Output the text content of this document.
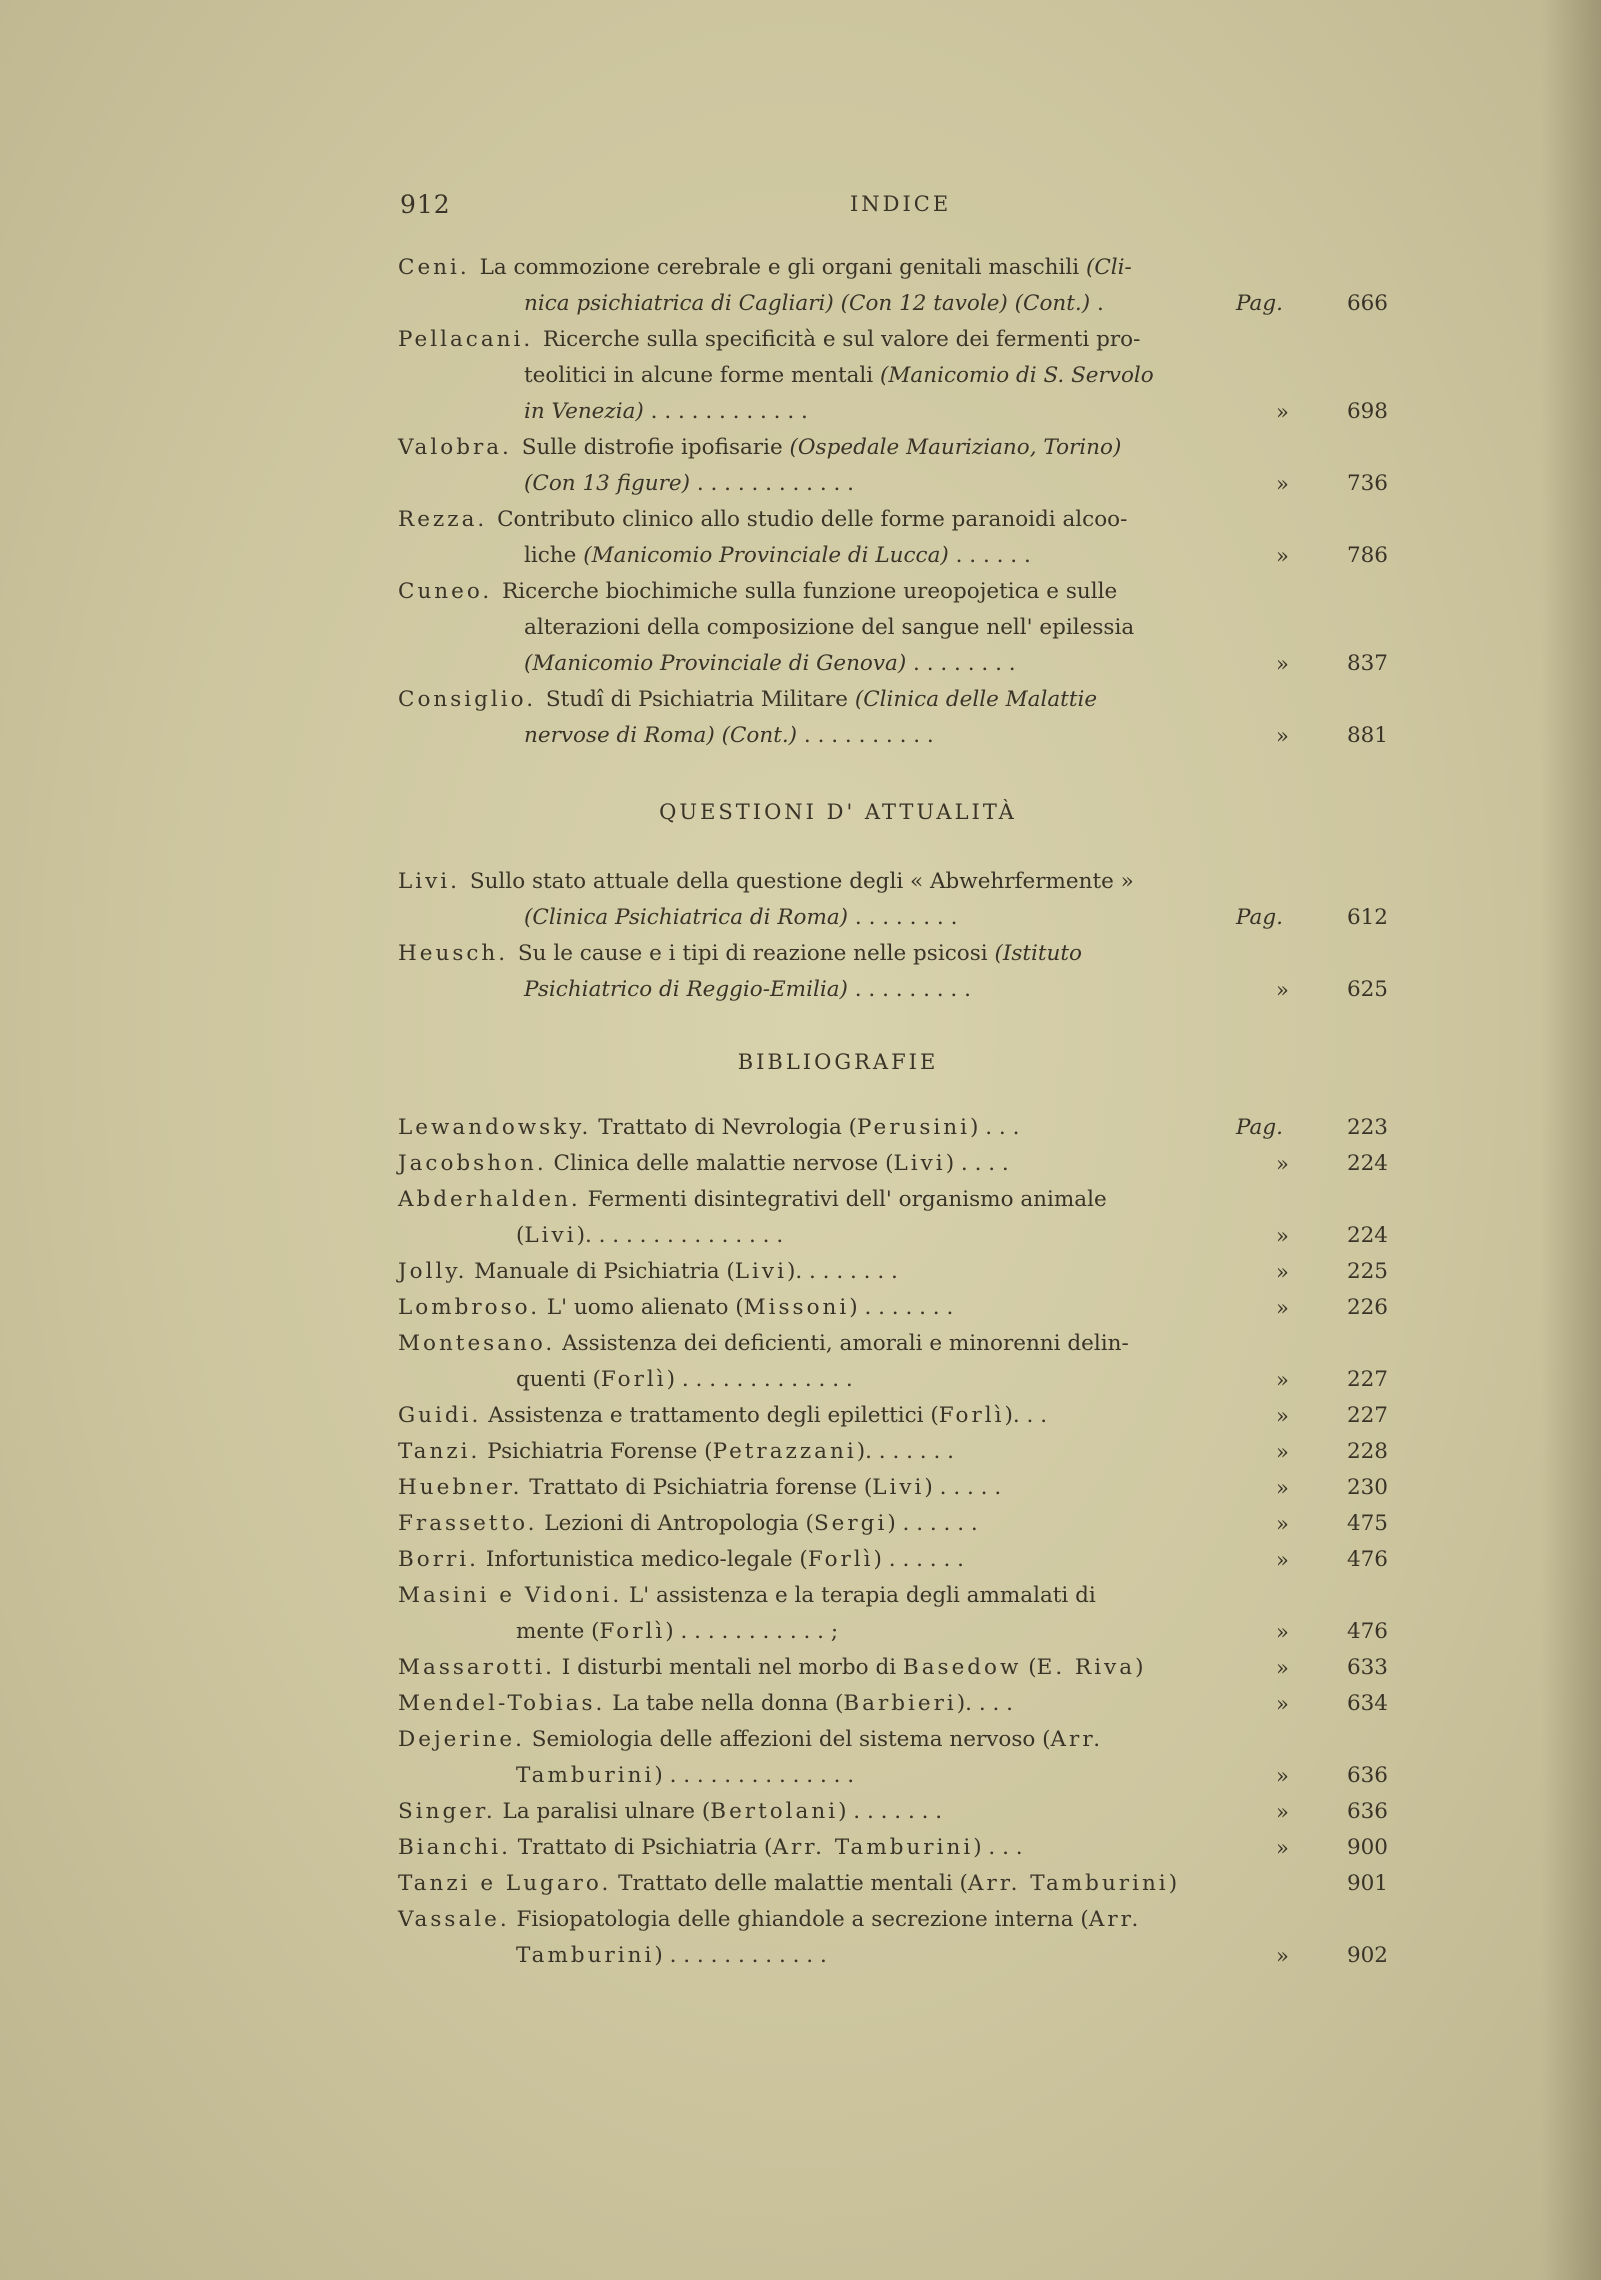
912	INDICE
Ceni. La commozione cerebrale e gli organi genitali maschili (Cli-
nica psichiatrica di Cagliari) (Con 12 tavole) (Cont.) .	Pag.	666
Pellacani. Ricerche sulla specificità e sul valore dei fermenti pro-
teolitici in alcune forme mentali (Manicomio di S. Servolo
in Venezia) . . . . . . . . . . . .	»	698
Valobra. Sulle distrofie ipofisarie (Ospedale Mauriziano, Torino)
(Con 13 figure) . . . . . . . . . . . .	»	736
Rezza. Contributo clinico allo studio delle forme paranoidi alcoo-
liche (Manicomio Provinciale di Lucca) . . . . . .	»	786
Cuneo. Ricerche biochimiche sulla funzione ureopojetica e sulle
alterazioni della composizione del sangue nell' epilessia
(Manicomio Provinciale di Genova) . . . . . . . .	»	837
Consiglio. Studî di Psichiatria Militare (Clinica delle Malattie
nervose di Roma) (Cont.) . . . . . . . . . .	»	881
QUESTIONI D' ATTUALITÀ
Livi. Sullo stato attuale della questione degli « Abwehrfermente »
(Clinica Psichiatrica di Roma) . . . . . . . .	Pag.	612
Heusch. Su le cause e i tipi di reazione nelle psicosi (Istituto
Psichiatrico di Reggio-Emilia) . . . . . . . . .	»	625
BIBLIOGRAFIE
Lewandowsky. Trattato di Nevrologia (Perusini) . . .	Pag.	223
Jacobshon. Clinica delle malattie nervose (Livi) . . . .	»	224
Abderhalden. Fermenti disintegrativi dell' organismo animale
(Livi). . . . . . . . . . . . . . .	»	224
Jolly. Manuale di Psichiatria (Livi). . . . . . . .	»	225
Lombroso. L' uomo alienato (Missoni) . . . . . . .	»	226
Montesano. Assistenza dei deficienti, amorali e minorenni delin-
quenti (Forlì) . . . . . . . . . . . . .	»	227
Guidi. Assistenza e trattamento degli epilettici (Forlì). . .	»	227
Tanzi. Psichiatria Forense (Petrazzani). . . . . . .	»	228
Huebner. Trattato di Psichiatria forense (Livi) . . . . .	»	230
Frassetto. Lezioni di Antropologia (Sergi) . . . . . .	»	475
Borri. Infortunistica medico-legale (Forlì) . . . . . .	»	476
Masini e Vidoni. L' assistenza e la terapia degli ammalati di
mente (Forlì) . . . . . . . . . . . ;	»	476
Massarotti. I disturbi mentali nel morbo di Basedow (E. Riva)	»	633
Mendel-Tobias. La tabe nella donna (Barbieri). . . .	»	634
Dejerine. Semiologia delle affezioni del sistema nervoso (Arr.
Tamburini) . . . . . . . . . . . . . .	»	636
Singer. La paralisi ulnare (Bertolani) . . . . . . .	»	636
Bianchi. Trattato di Psichiatria (Arr. Tamburini) . . .	»	900
Tanzi e Lugaro. Trattato delle malattie mentali (Arr. Tamburini)	901
Vassale. Fisiopatologia delle ghiandole a secrezione interna (Arr.
Tamburini) . . . . . . . . . . . .	»	902
